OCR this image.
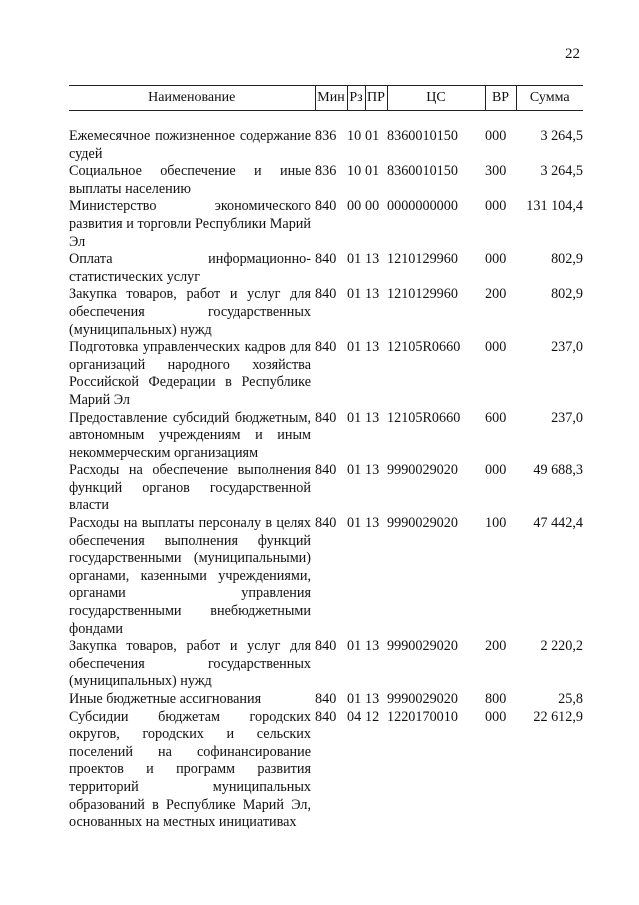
22
Наименование	Мин	Рз	ПР	ЦС	ВР	Сумма

Ежемесячное пожизненное содержание судей	836	10	01	8360010150	000	3 264,5
Социальное обеспечение и иные выплаты населению	836	10	01	8360010150	300	3 264,5
Министерство экономического развития и торговли Республики Марий Эл	840	00	00	0000000000	000	131 104,4
Оплата информационно-статистических услуг	840	01	13	1210129960	000	802,9
Закупка товаров, работ и услуг для обеспечения государственных (муниципальных) нужд	840	01	13	1210129960	200	802,9
Подготовка управленческих кадров для организаций народного хозяйства Российской Федерации в Республике Марий Эл	840	01	13	12105R0660	000	237,0
Предоставление субсидий бюджетным, автономным учреждениям и иным некоммерческим организациям	840	01	13	12105R0660	600	237,0
Расходы на обеспечение выполнения функций органов государственной власти	840	01	13	9990029020	000	49 688,3
Расходы на выплаты персоналу в целях обеспечения выполнения функций государственными (муниципальными) органами, казенными учреждениями, органами управления государственными внебюджетными фондами	840	01	13	9990029020	100	47 442,4
Закупка товаров, работ и услуг для обеспечения государственных (муниципальных) нужд	840	01	13	9990029020	200	2 220,2
Иные бюджетные ассигнования	840	01	13	9990029020	800	25,8
Субсидии бюджетам городских округов, городских и сельских поселений на софинансирование проектов и программ развития территорий муниципальных образований в Республике Марий Эл, основанных на местных инициативах	840	04	12	1220170010	000	22 612,9
